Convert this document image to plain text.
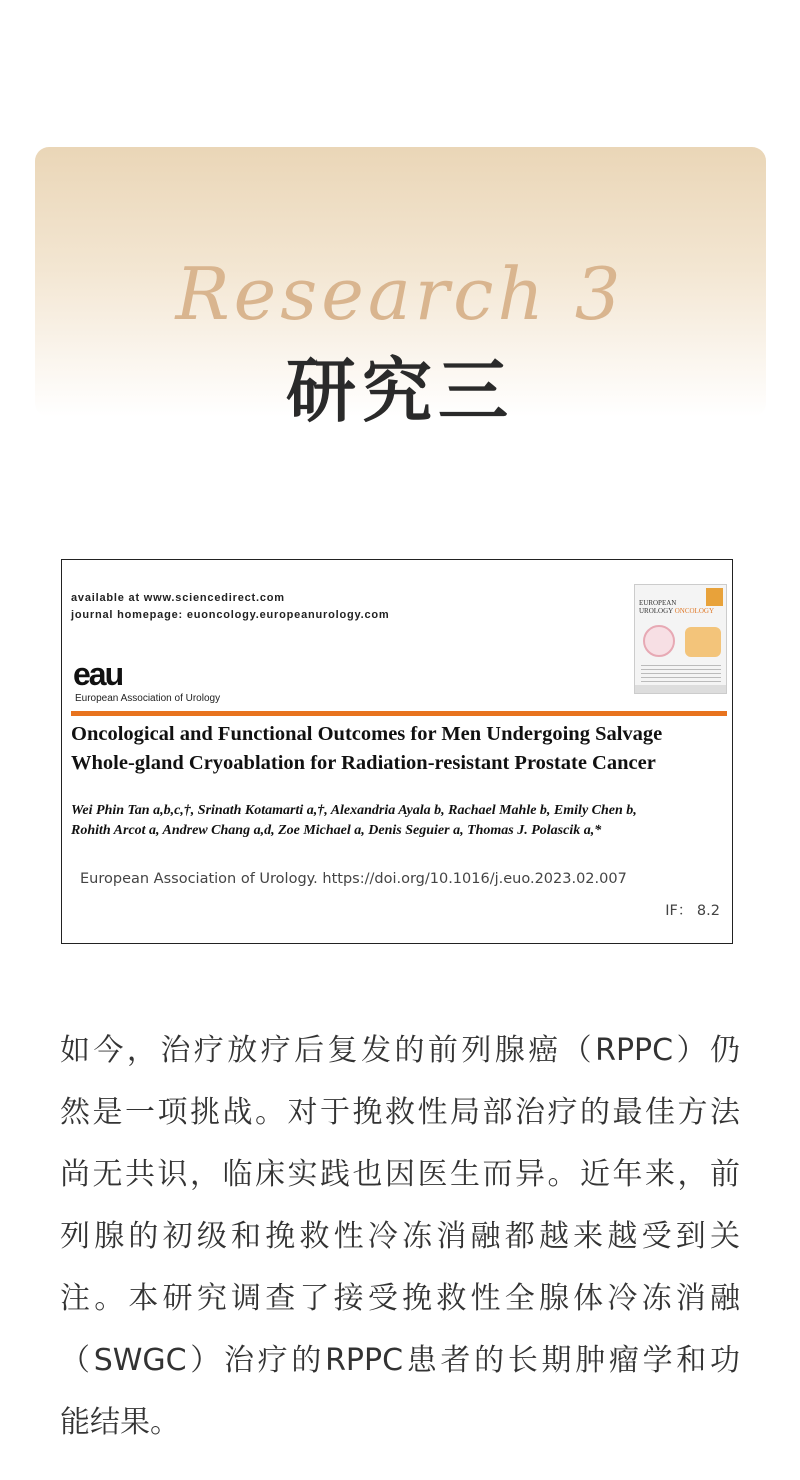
Research 3
研究三
available at www.sciencedirect.com
journal homepage: euoncology.europeanurology.com
eau
European Association of Urology
EUROPEAN
UROLOGY ONCOLOGY
Oncological and Functional Outcomes for Men Undergoing Salvage
Whole-gland Cryoablation for Radiation-resistant Prostate Cancer
Wei Phin Tan a,b,c,†, Srinath Kotamarti a,†, Alexandria Ayala b, Rachael Mahle b, Emily Chen b,
Rohith Arcot a, Andrew Chang a,d, Zoe Michael a, Denis Seguier a, Thomas J. Polascik a,*
European Association of Urology. https://doi.org/10.1016/j.euo.2023.02.007
IF： 8.2
如今，治疗放疗后复发的前列腺癌（RPPC）仍
然是一项挑战。对于挽救性局部治疗的最佳方法
尚无共识，临床实践也因医生而异。近年来，前
列腺的初级和挽救性冷冻消融都越来越受到关
注。本研究调查了接受挽救性全腺体冷冻消融
（SWGC）治疗的RPPC患者的长期肿瘤学和功
能结果。
